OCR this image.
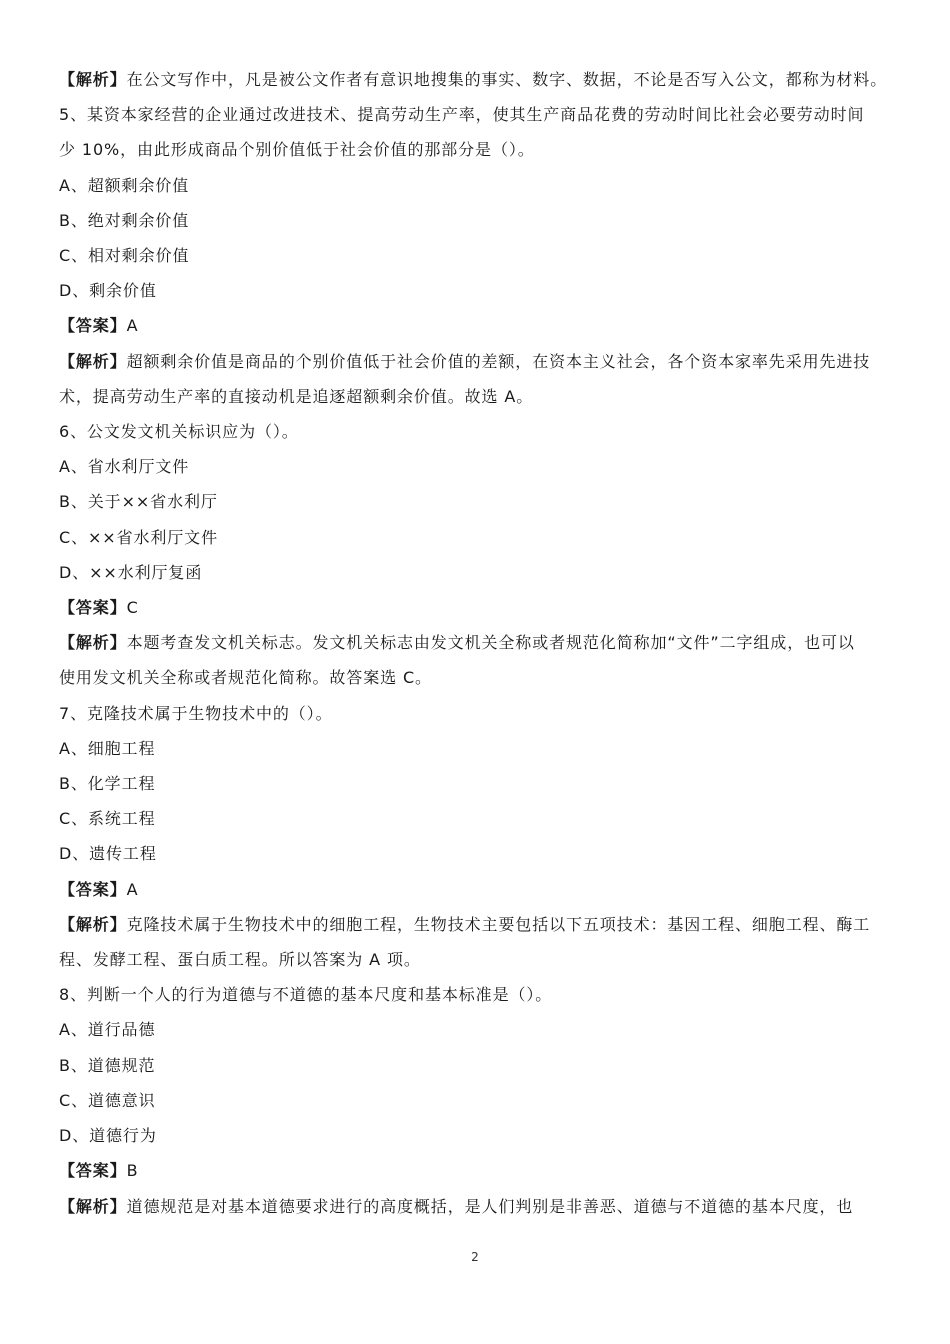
【解析】在公文写作中，凡是被公文作者有意识地搜集的事实、数字、数据，不论是否写入公文，都称为材料。

5、某资本家经营的企业通过改进技术、提高劳动生产率，使其生产商品花费的劳动时间比社会必要劳动时间

少 10%，由此形成商品个别价值低于社会价值的那部分是（）。

A、超额剩余价值

B、绝对剩余价值

C、相对剩余价值

D、剩余价值

【答案】A

【解析】超额剩余价值是商品的个别价值低于社会价值的差额，在资本主义社会，各个资本家率先采用先进技

术，提高劳动生产率的直接动机是追逐超额剩余价值。故选 A。

6、公文发文机关标识应为（）。

A、省水利厅文件

B、关于××省水利厅

C、××省水利厅文件

D、××水利厅复函

【答案】C

【解析】本题考查发文机关标志。发文机关标志由发文机关全称或者规范化简称加“文件”二字组成，也可以

使用发文机关全称或者规范化简称。故答案选 C。

7、克隆技术属于生物技术中的（）。

A、细胞工程

B、化学工程

C、系统工程

D、遗传工程

【答案】A

【解析】克隆技术属于生物技术中的细胞工程，生物技术主要包括以下五项技术：基因工程、细胞工程、酶工

程、发酵工程、蛋白质工程。所以答案为 A 项。

8、判断一个人的行为道德与不道德的基本尺度和基本标准是（）。

A、道行品德

B、道德规范

C、道德意识

D、道德行为

【答案】B

【解析】道德规范是对基本道德要求进行的高度概括，是人们判别是非善恶、道德与不道德的基本尺度，也

2
